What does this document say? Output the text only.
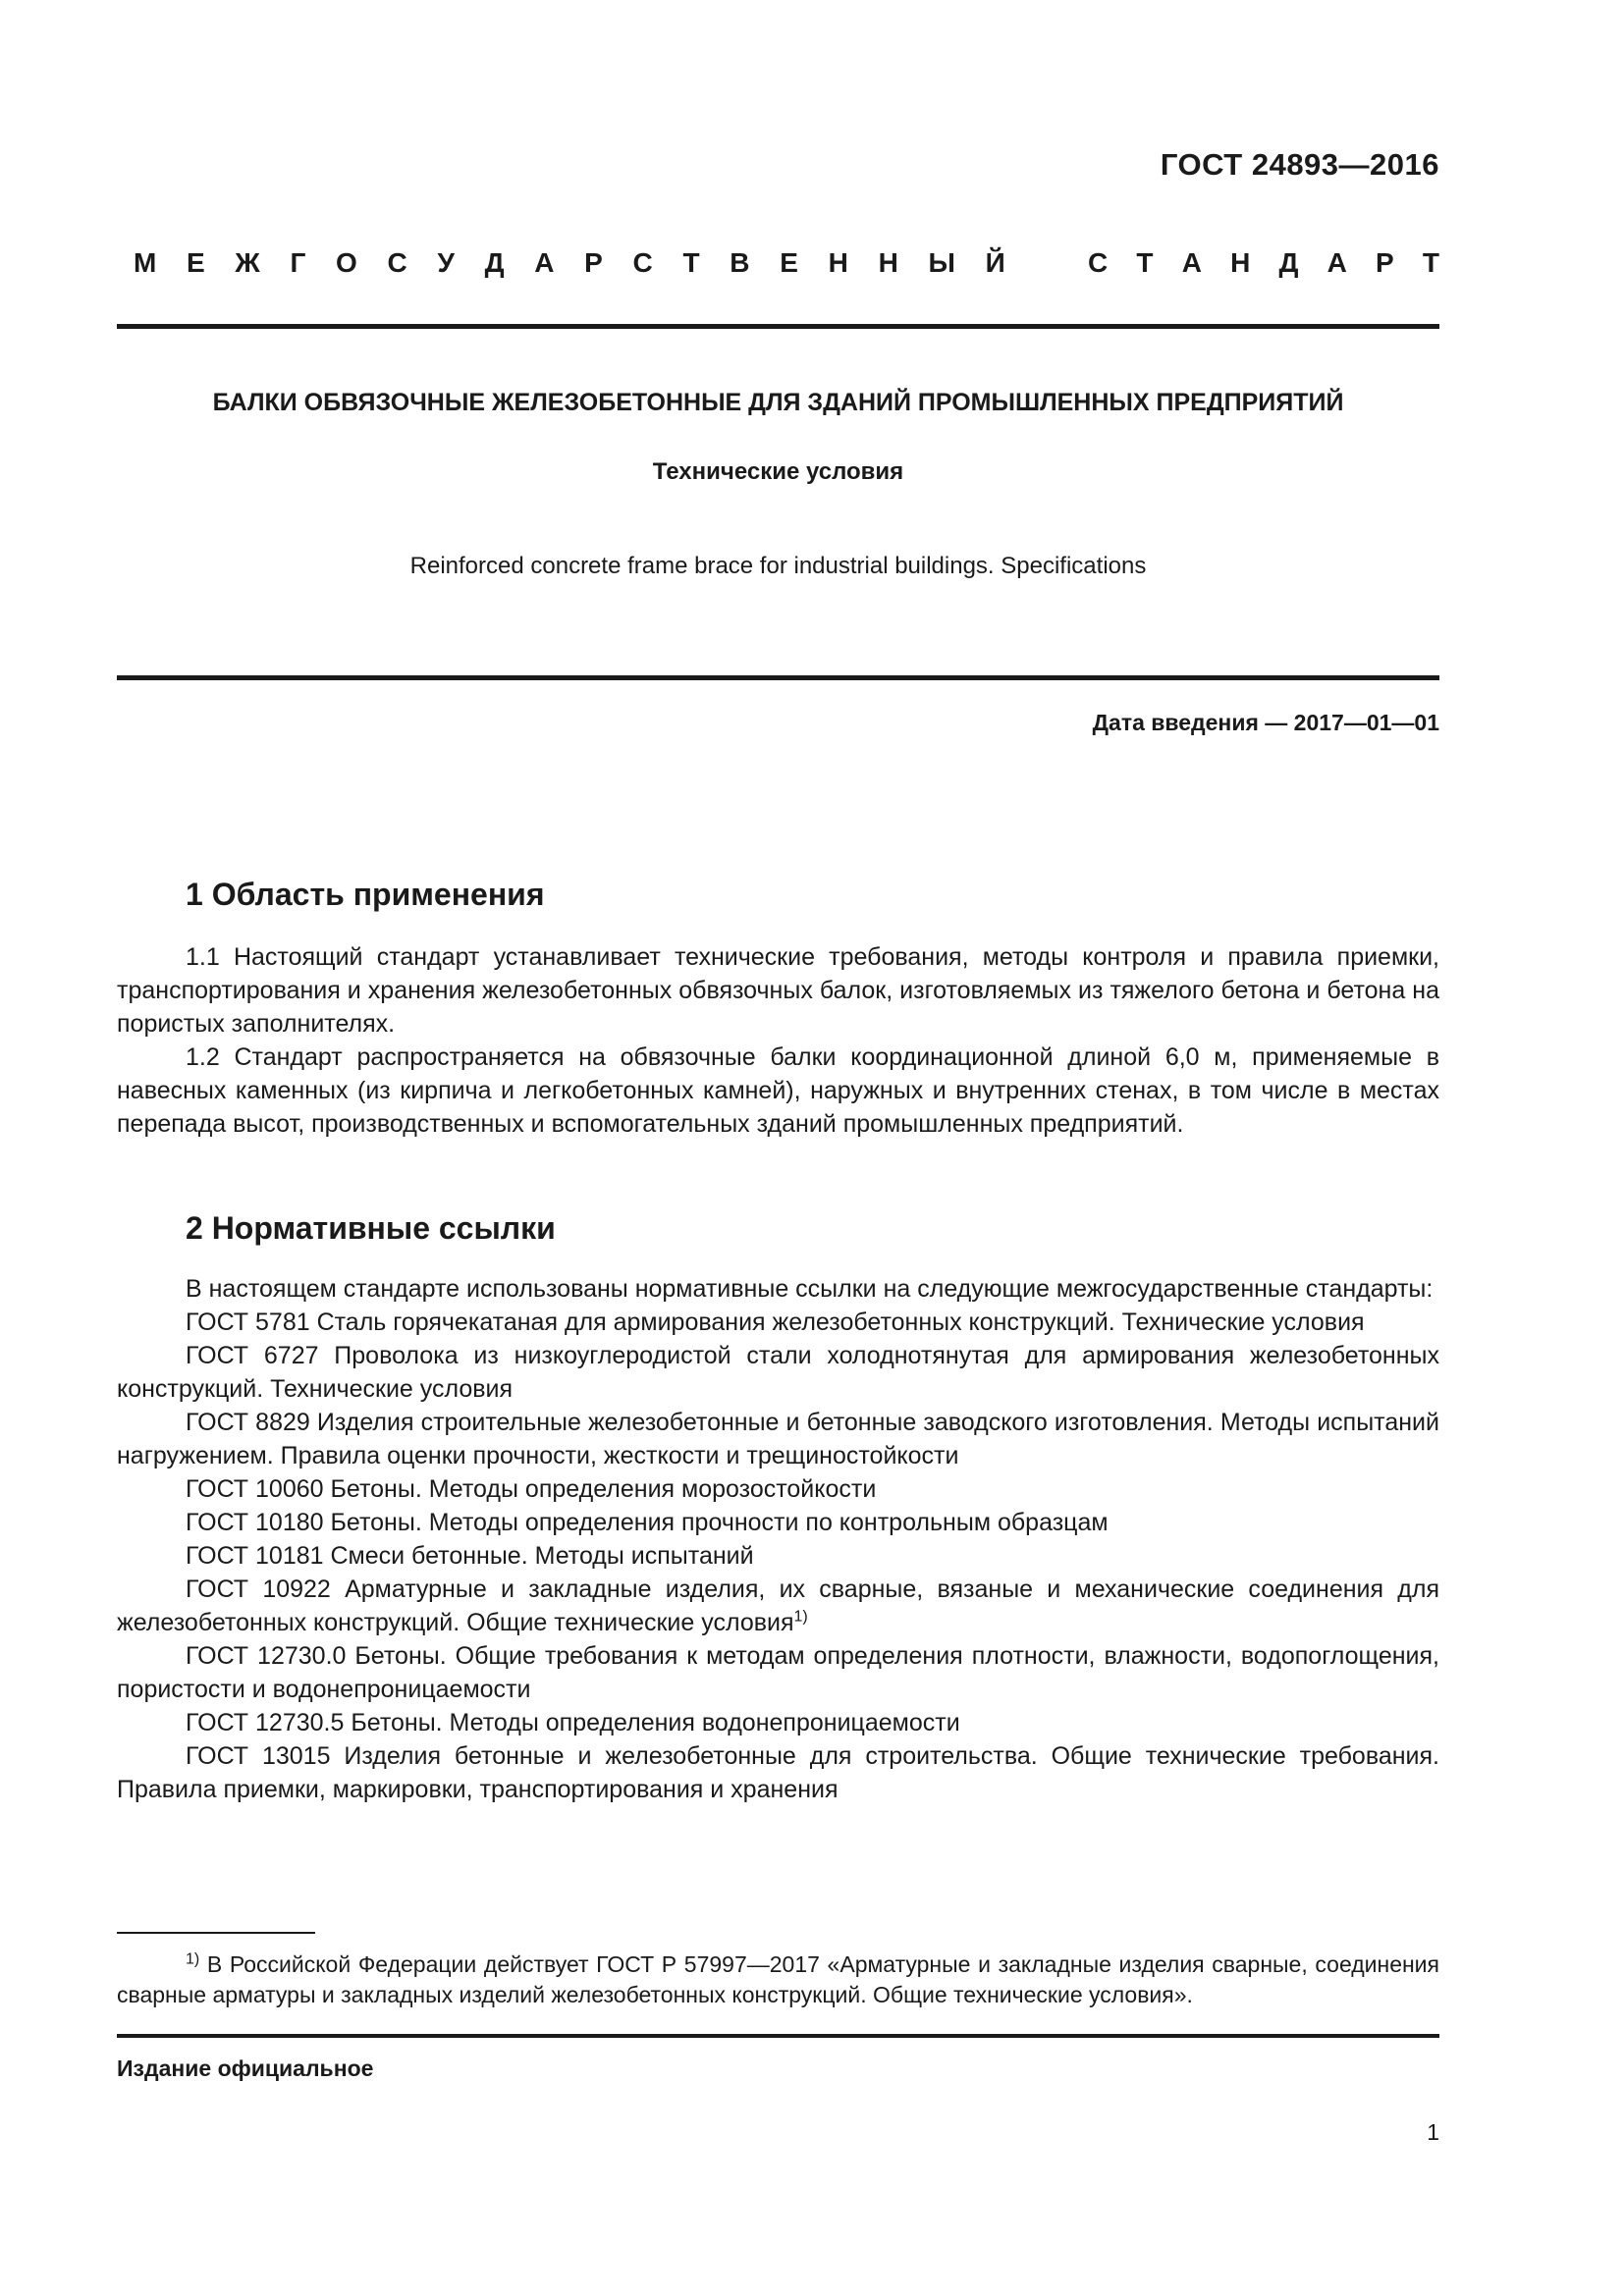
ГОСТ 24893—2016
М Е Ж Г О С У Д А Р С Т В Е Н Н Ы Й	С Т А Н Д А Р Т
БАЛКИ ОБВЯЗОЧНЫЕ ЖЕЛЕЗОБЕТОННЫЕ ДЛЯ ЗДАНИЙ ПРОМЫШЛЕННЫХ ПРЕДПРИЯТИЙ
Технические условия
Reinforced concrete frame brace for industrial buildings. Specifications
Дата введения — 2017—01—01
1 Область применения

1.1 Настоящий стандарт устанавливает технические требования, методы контроля и правила приемки, транспортирования и хранения железобетонных обвязочных балок, изготовляемых из тяжелого бетона и бетона на пористых заполнителях.

1.2 Стандарт распространяется на обвязочные балки координационной длиной 6,0 м, применяемые в навесных каменных (из кирпича и легкобетонных камней), наружных и внутренних стенах, в том числе в местах перепада высот, производственных и вспомогательных зданий промышленных предприятий.

2 Нормативные ссылки

В настоящем стандарте использованы нормативные ссылки на следующие межгосударственные стандарты:

ГОСТ 5781 Сталь горячекатаная для армирования железобетонных конструкций. Технические условия

ГОСТ 6727 Проволока из низкоуглеродистой стали холоднотянутая для армирования железобетонных конструкций. Технические условия

ГОСТ 8829 Изделия строительные железобетонные и бетонные заводского изготовления. Методы испытаний нагружением. Правила оценки прочности, жесткости и трещиностойкости

ГОСТ 10060 Бетоны. Методы определения морозостойкости

ГОСТ 10180 Бетоны. Методы определения прочности по контрольным образцам

ГОСТ 10181 Смеси бетонные. Методы испытаний

ГОСТ 10922 Арматурные и закладные изделия, их сварные, вязаные и механические соединения для железобетонных конструкций. Общие технические условия$^{1)}$

ГОСТ 12730.0 Бетоны. Общие требования к методам определения плотности, влажности, водопоглощения, пористости и водонепроницаемости

ГОСТ 12730.5 Бетоны. Методы определения водонепроницаемости

ГОСТ 13015 Изделия бетонные и железобетонные для строительства. Общие технические требования. Правила приемки, маркировки, транспортирования и хранения

$^{1)}$ В Российской Федерации действует ГОСТ Р 57997—2017 «Арматурные и закладные изделия сварные, соединения сварные арматуры и закладных изделий железобетонных конструкций. Общие технические условия».

Издание официальное
1
